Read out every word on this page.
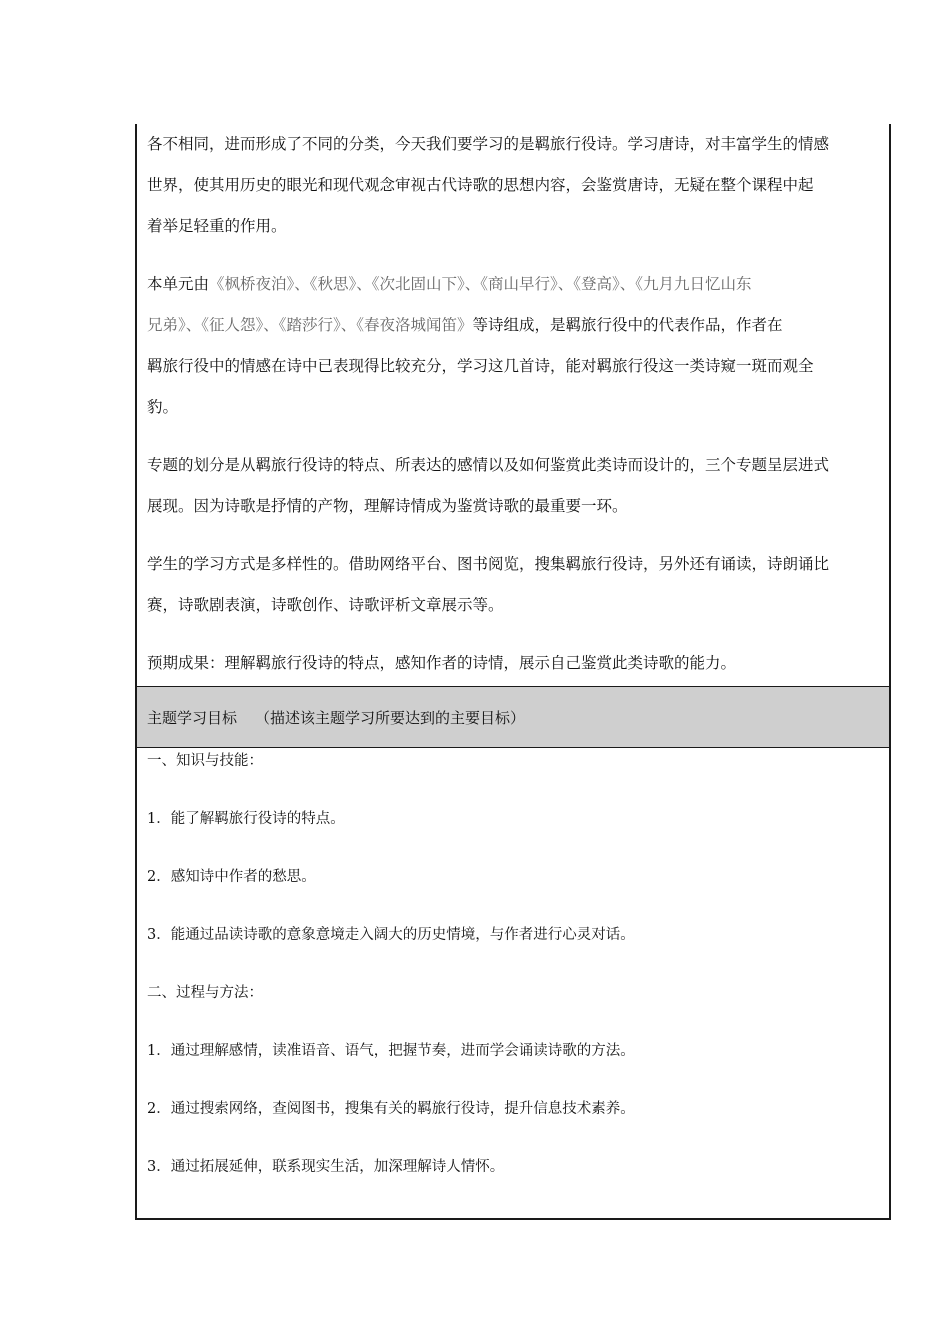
各不相同，进而形成了不同的分类，今天我们要学习的是羁旅行役诗。学习唐诗，对丰富学生的情感
世界，使其用历史的眼光和现代观念审视古代诗歌的思想内容，会鉴赏唐诗，无疑在整个课程中起
着举足轻重的作用。

本单元由《枫桥夜泊》、《秋思》、《次北固山下》、《商山早行》、《登高》、《九月九日忆山东
兄弟》、《征人怨》、《踏莎行》、《春夜洛城闻笛》等诗组成，是羁旅行役中的代表作品，作者在
羁旅行役中的情感在诗中已表现得比较充分，学习这几首诗，能对羁旅行役这一类诗窥一斑而观全
豹。

专题的划分是从羁旅行役诗的特点、所表达的感情以及如何鉴赏此类诗而设计的，三个专题呈层进式
展现。因为诗歌是抒情的产物，理解诗情成为鉴赏诗歌的最重要一环。

学生的学习方式是多样性的。借助网络平台、图书阅览，搜集羁旅行役诗，另外还有诵读，诗朗诵比
赛，诗歌剧表演，诗歌创作、诗歌评析文章展示等。

预期成果：理解羁旅行役诗的特点，感知作者的诗情，展示自己鉴赏此类诗歌的能力。

主题学习目标 （描述该主题学习所要达到的主要目标）

一、知识与技能：

1．能了解羁旅行役诗的特点。

2．感知诗中作者的愁思。

3．能通过品读诗歌的意象意境走入阔大的历史情境，与作者进行心灵对话。

二、过程与方法：

1．通过理解感情，读准语音、语气，把握节奏，进而学会诵读诗歌的方法。

2．通过搜索网络，查阅图书，搜集有关的羁旅行役诗，提升信息技术素养。

3．通过拓展延伸，联系现实生活，加深理解诗人情怀。
